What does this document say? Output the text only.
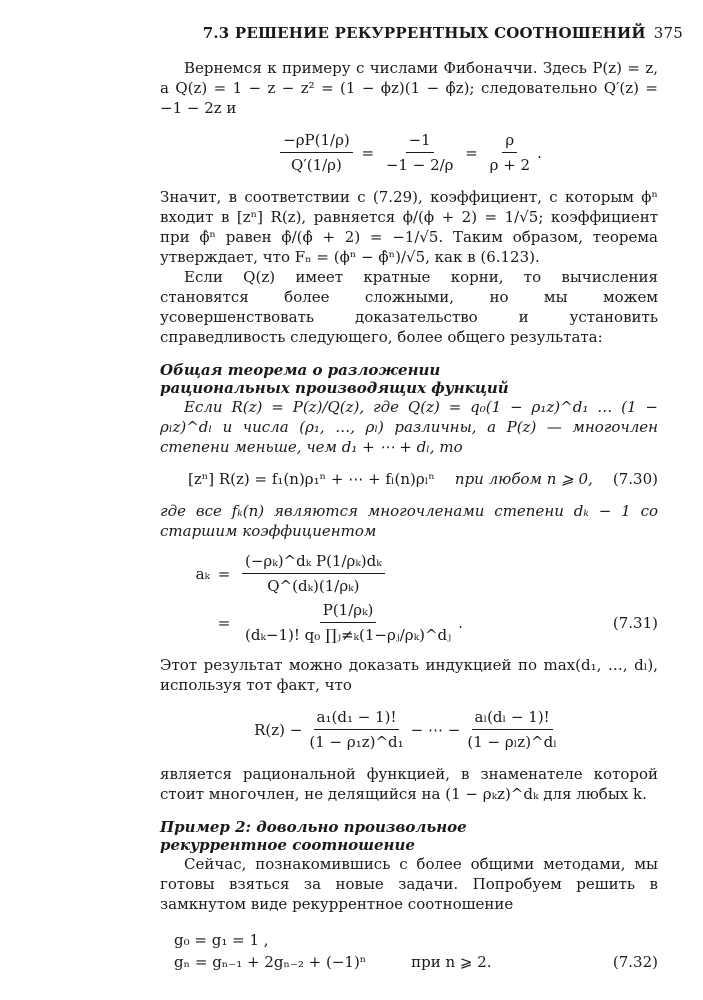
7.3 РЕШЕНИЕ РЕКУРРЕНТНЫХ СООТНОШЕНИЙ 375

Вернемся к примеру с числами Фибоначчи. Здесь P(z) = z, а Q(z) = 1 − z − z² = (1 − ϕz)(1 − ϕ̂z); следовательно Q′(z) = −1 − 2z и

$\frac{-\rho P(1/\rho)}{Q'(1/\rho)} = \frac{-1}{-1 - 2/\rho} = \frac{\rho}{\rho + 2}$ .

Значит, в соответствии с (7.29), коэффициент, с которым ϕⁿ входит в [zⁿ] R(z), равняется ϕ/(ϕ + 2) = 1/√5; коэффициент при ϕ̂ⁿ равен ϕ̂/(ϕ̂ + 2) = −1/√5. Таким образом, теорема утверждает, что Fₙ = (ϕⁿ − ϕ̂ⁿ)/√5, как в (6.123).

Если Q(z) имеет кратные корни, то вычисления становятся более сложными, но мы можем усовершенствовать доказательство и установить справедливость следующего, более общего результата:

Общая теорема о разложении

рациональных производящих функций

Если R(z) = P(z)/Q(z), где Q(z) = q₀(1 − ρ₁z)^d₁ … (1 − ρₗz)^dₗ и числа (ρ₁, …, ρₗ) различны, а P(z) — многочлен степени меньше, чем d₁ + ⋯ + dₗ, то

[zⁿ] R(z) = f₁(n)ρ₁ⁿ + ⋯ + fₗ(n)ρₗⁿ при любом n ⩾ 0, (7.30)

где все fₖ(n) являются многочленами степени dₖ − 1 со старшим коэффициентом

$a_k = \frac{\text{(−ρₖ)\textasciicircum{}dₖ P(1/ρₖ)dₖ}}{\text{Q\textasciicircum{}(dₖ)(1/ρₖ)}}$
= $\frac{\text{P(1/ρₖ)}}{\text{(dₖ−1)! q₀ ∏ⱼ≠ₖ(1−ρⱼ/ρₖ)\textasciicircum{}dⱼ}}$ .	(7.31)

Этот результат можно доказать индукцией по max(d₁, …, dₗ), используя тот факт, что

$R(z) - \frac{\text{a₁(d₁ − 1)!}}{\text{(1 − ρ₁z)\textasciicircum{}d₁}}$ − ⋯ − $\frac{\text{aₗ(dₗ − 1)!}}{\text{(1 − ρₗz)\textasciicircum{}dₗ}}$

является рациональной функцией, в знаменателе которой стоит многочлен, не делящийся на (1 − ρₖz)^dₖ для любых k.

Пример 2: довольно произвольное

рекуррентное соотношение

Сейчас, познакомившись с более общими методами, мы готовы взяться за новые задачи. Попробуем решить в замкнутом виде рекуррентное соотношение

g₀ = g₁ = 1 ,
gₙ = gₙ₋₁ + 2gₙ₋₂ + (−1)ⁿ	при n ⩾ 2.	(7.32)
